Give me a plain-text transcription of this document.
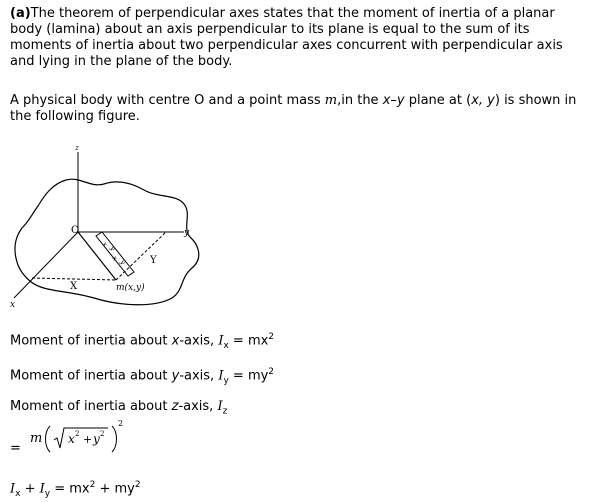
(a)The theorem of perpendicular axes states that the moment of inertia of a planar body (lamina) about an axis perpendicular to its plane is equal to the sum of its moments of inertia about two perpendicular axes concurrent with perpendicular axis and lying in the plane of the body.
A physical body with centre O and a point mass m,in the x–y plane at (x, y) is shown in the following figure.
z
O	y
x
X
Y
m(x,y)
x y
x y
Moment of inertia about x-axis, $I_x = mx^2$
Moment of inertia about y-axis, $I_y = my^2$
Moment of inertia about z-axis, $I_z$
=
m x 2 + y 2
2
$I_x + I_y = mx^2 + my^2$
